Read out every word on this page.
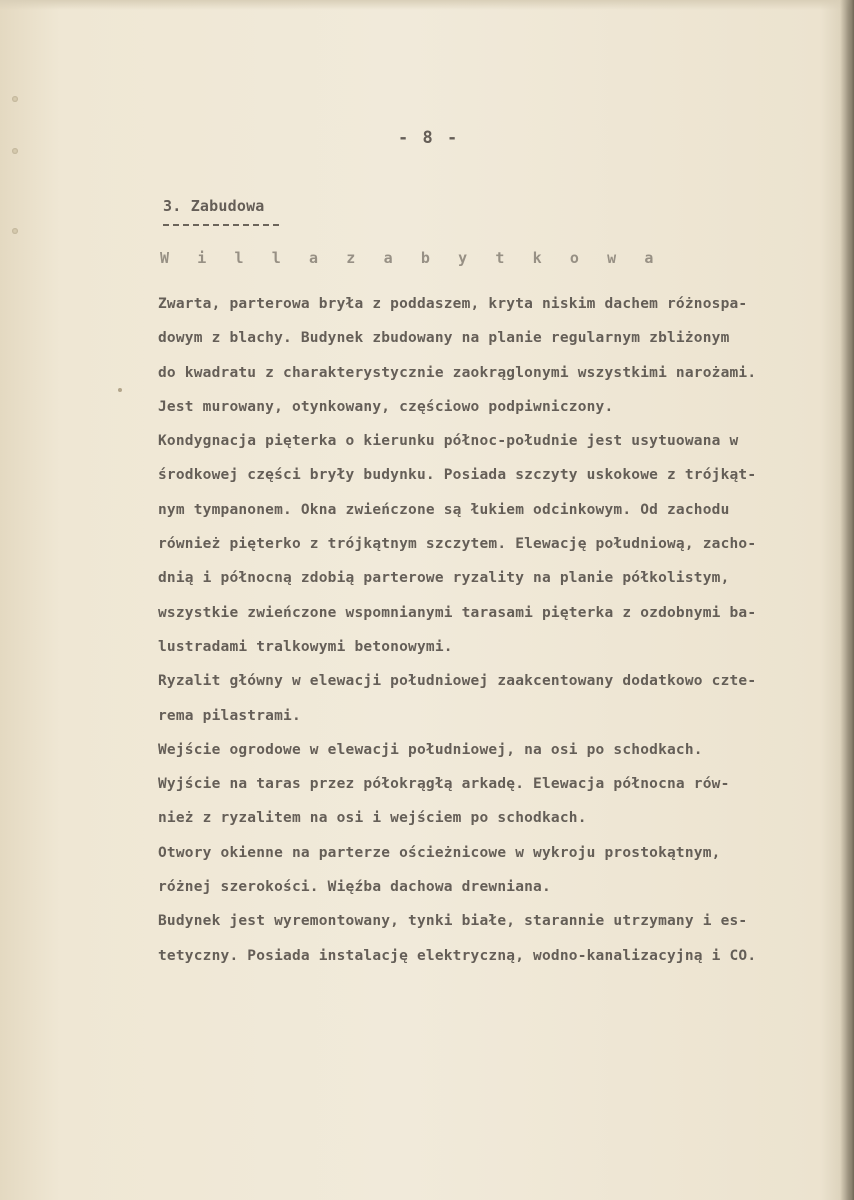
- 8 -
3. Zabudowa
W i l l a z a b y t k o w a
Zwarta, parterowa bryła z poddaszem, kryta niskim dachem różnospa-
dowym z blachy. Budynek zbudowany na planie regularnym zbliżonym
do kwadratu z charakterystycznie zaokrąglonymi wszystkimi narożami.
Jest murowany, otynkowany, częściowo podpiwniczony.
Kondygnacja pięterka o kierunku północ-południe jest usytuowana w
środkowej części bryły budynku. Posiada szczyty uskokowe z trójkąt-
nym tympanonem. Okna zwieńczone są łukiem odcinkowym. Od zachodu
również pięterko z trójkątnym szczytem. Elewację południową, zacho-
dnią i północną zdobią parterowe ryzality na planie półkolistym,
wszystkie zwieńczone wspomnianymi tarasami pięterka z ozdobnymi ba-
lustradami tralkowymi betonowymi.
Ryzalit główny w elewacji południowej zaakcentowany dodatkowo czte-
rema pilastrami.
Wejście ogrodowe w elewacji południowej, na osi po schodkach.
Wyjście na taras przez półokrągłą arkadę. Elewacja północna rów-
nież z ryzalitem na osi i wejściem po schodkach.
Otwory okienne na parterze ościeżnicowe w wykroju prostokątnym,
różnej szerokości. Więźba dachowa drewniana.
Budynek jest wyremontowany, tynki białe, starannie utrzymany i es-
tetyczny. Posiada instalację elektryczną, wodno-kanalizacyjną i CO.
